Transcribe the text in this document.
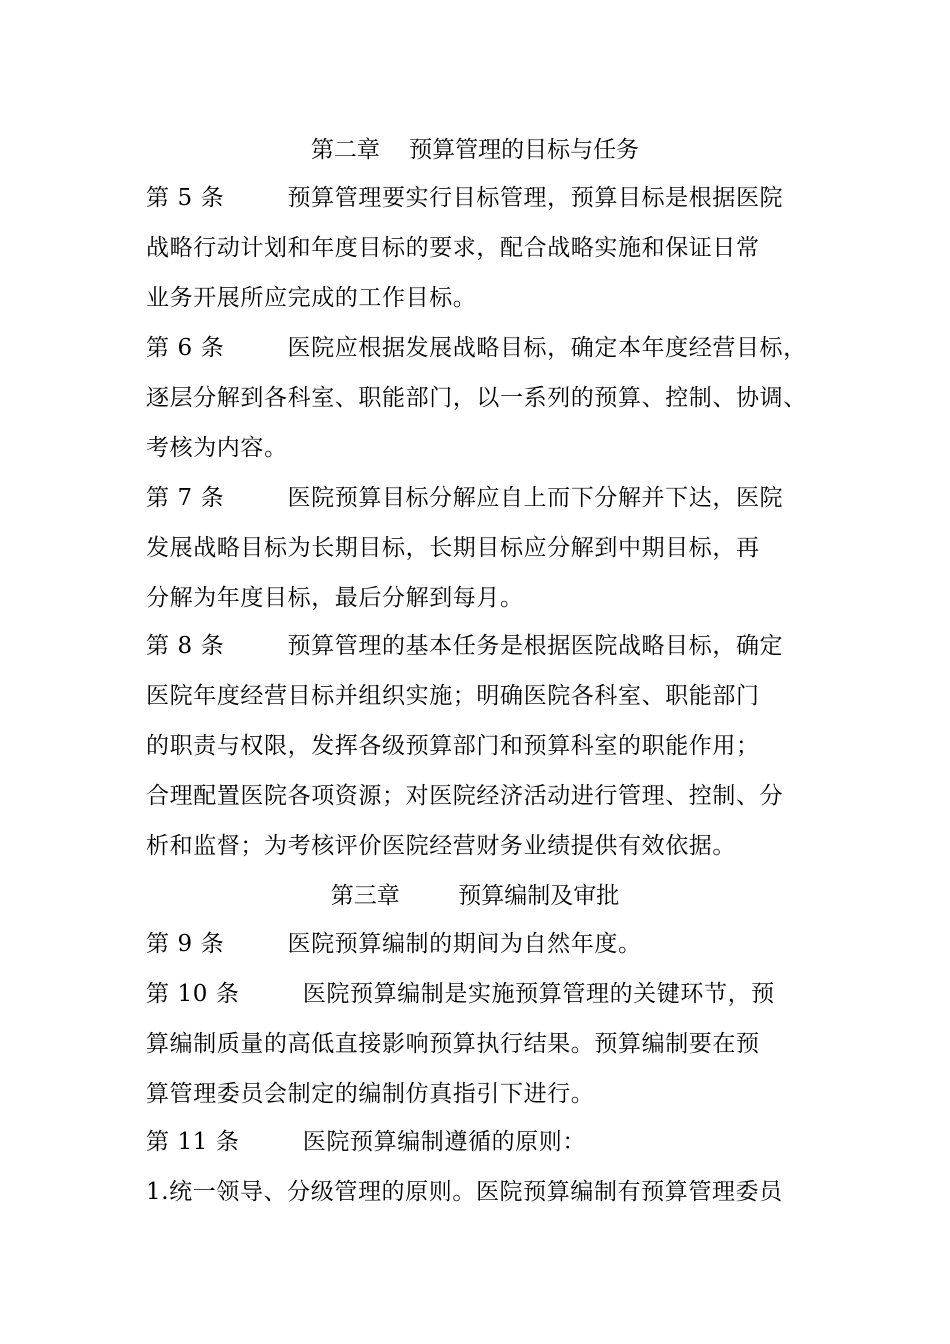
第二章    预算管理的目标与任务
第 5 条        预算管理要实行目标管理，预算目标是根据医院
战略行动计划和年度目标的要求，配合战略实施和保证日常
业务开展所应完成的工作目标。
第 6 条        医院应根据发展战略目标，确定本年度经营目标，
逐层分解到各科室、职能部门，以一系列的预算、控制、协调、
考核为内容。
第 7 条        医院预算目标分解应自上而下分解并下达，医院
发展战略目标为长期目标，长期目标应分解到中期目标，再
分解为年度目标，最后分解到每月。
第 8 条        预算管理的基本任务是根据医院战略目标，确定
医院年度经营目标并组织实施；明确医院各科室、职能部门
的职责与权限，发挥各级预算部门和预算科室的职能作用；
合理配置医院各项资源；对医院经济活动进行管理、控制、分
析和监督；为考核评价医院经营财务业绩提供有效依据。
第三章        预算编制及审批
第 9 条        医院预算编制的期间为自然年度。
第 10 条        医院预算编制是实施预算管理的关键环节，预
算编制质量的高低直接影响预算执行结果。预算编制要在预
算管理委员会制定的编制仿真指引下进行。
第 11 条        医院预算编制遵循的原则：
1.统一领导、分级管理的原则。医院预算编制有预算管理委员
